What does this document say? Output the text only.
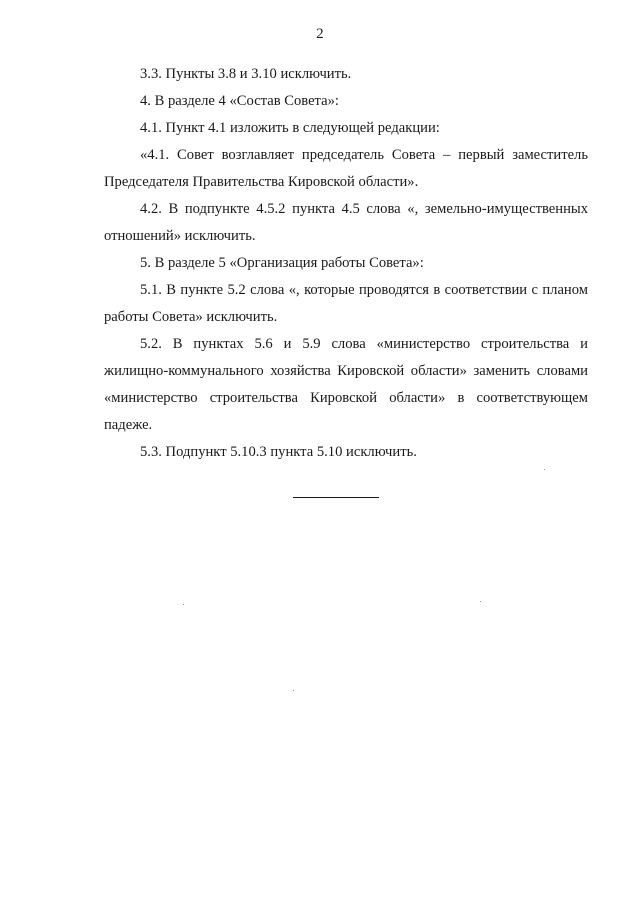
2

3.3. Пункты 3.8 и 3.10 исключить.

4. В разделе 4 «Состав Совета»:

4.1. Пункт 4.1 изложить в следующей редакции:

«4.1. Совет возглавляет председатель Совета – первый заместитель Председателя Правительства Кировской области».

4.2. В подпункте 4.5.2 пункта 4.5 слова «, земельно-имущественных отношений» исключить.

5. В разделе 5 «Организация работы Совета»:

5.1. В пункте 5.2 слова «, которые проводятся в соответствии с планом работы Совета» исключить.

5.2. В пунктах 5.6 и 5.9 слова «министерство строительства и жилищно-коммунального хозяйства Кировской области» заменить словами «министерство строительства Кировской области» в соответствующем падеже.

5.3. Подпункт 5.10.3 пункта 5.10 исключить.
